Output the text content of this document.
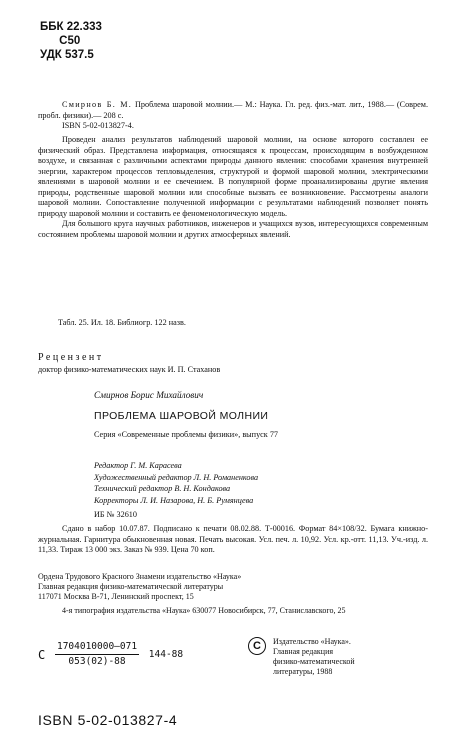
ББК 22.333
С50
УДК 537.5
Смирнов Б. М. Проблема шаровой молнии.— М.: Наука. Гл. ред. физ.-мат. лит., 1988.— (Соврем. пробл. физики).— 208 с.
ISBN 5-02-013827-4.

Проведен анализ результатов наблюдений шаровой молнии, на основе которого составлен ее физический образ. Представлена информация, относящаяся к процессам, происходящим в возбужденном воздухе, и связанная с различными аспектами природы данного явления: способами хранения внутренней энергии, характером процессов тепловыделения, структурой и формой шаровой молнии, электрическими явлениями в шаровой молнии и ее свечением. В популярной форме проанализированы другие явления природы, родственные шаровой молнии или способные вызвать ее возникновение. Рассмотрены аналоги шаровой молнии. Сопоставление полученной информации с результатами наблюдений позволяет понять природу шаровой молнии и составить ее феноменологическую модель.

Для большого круга научных работников, инженеров и учащихся вузов, интересующихся современным состоянием проблемы шаровой молнии и других атмосферных явлений.

Табл. 25. Ил. 18. Библиогр. 122 назв.
Рецензент
доктор физико-математических наук И. П. Стаханов
Смирнов Борис Михайлович
ПРОБЛЕМА ШАРОВОЙ МОЛНИИ
Серия «Современные проблемы физики», выпуск 77
Редактор Г. М. Карасева
Художественный редактор Л. Н. Романенкова
Технический редактор В. Н. Кондакова
Корректоры Л. И. Назарова, Н. Б. Румянцева
ИБ № 32610

Сдано в набор 10.07.87. Подписано к печати 08.02.88. Т-00016. Формат 84×108/32. Бумага книжно-журнальная. Гарнитура обыкновенная новая. Печать высокая. Усл. печ. л. 10,92. Усл. кр.-отт. 11,13. Уч.-изд. л. 11,33. Тираж 13 000 экз. Заказ № 939. Цена 70 коп.

Ордена Трудового Красного Знамени издательство «Наука»
Главная редакция физико-математической литературы
117071 Москва В-71, Ленинский проспект, 15

4-я типография издательства «Наука» 630077 Новосибирск, 77, Станиславского, 25

С $\frac{1704010000—071}{053(02)-88} 144-88$
С Издательство «Наука».
Главная редакция
физико-математической
литературы, 1988
ISBN 5-02-013827-4
